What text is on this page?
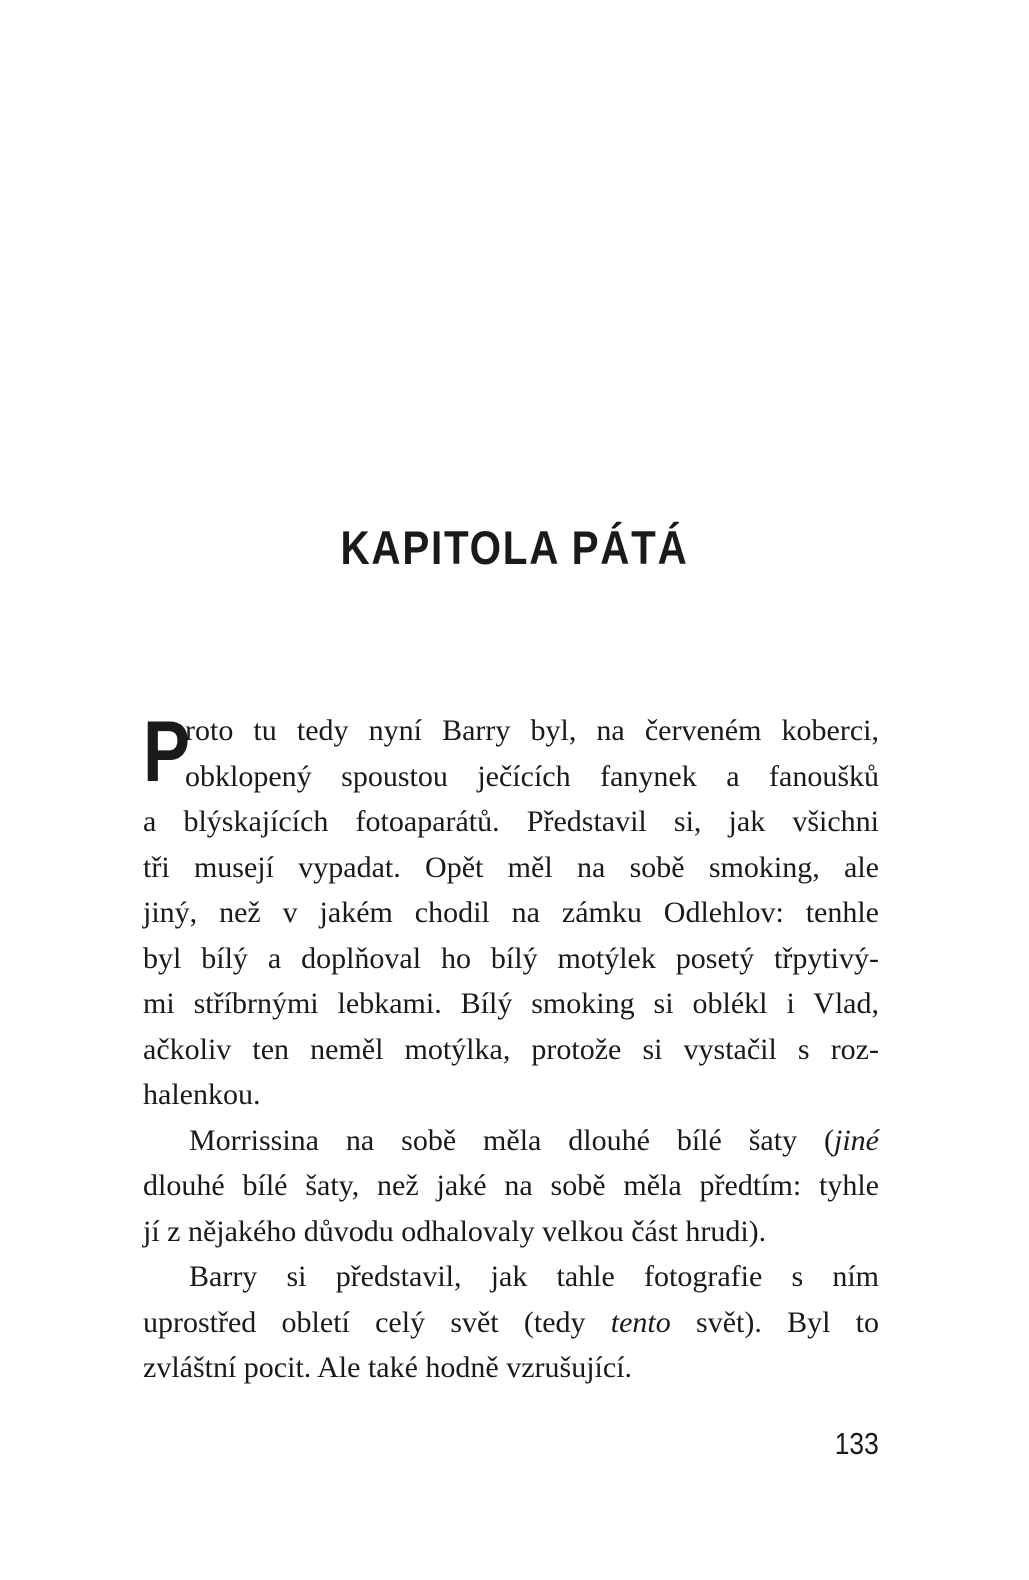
KAPITOLA PÁTÁ
P
roto tu tedy nyní Barry byl, na červeném koberci,
obklopený spoustou ječících fanynek a fanoušků
a blýskajících fotoaparátů. Představil si, jak všichni
tři musejí vypadat. Opět měl na sobě smoking, ale
jiný, než v jakém chodil na zámku Odlehlov: tenhle
byl bílý a doplňoval ho bílý motýlek posetý třpytivý-
mi stříbrnými lebkami. Bílý smoking si oblékl i Vlad,
ačkoliv ten neměl motýlka, protože si vystačil s roz-
halenkou.
Morrissina na sobě měla dlouhé bílé šaty (jiné
dlouhé bílé šaty, než jaké na sobě měla předtím: tyhle
jí z nějakého důvodu odhalovaly velkou část hrudi).
Barry si představil, jak tahle fotografie s ním
uprostřed obletí celý svět (tedy tento svět). Byl to
zvláštní pocit. Ale také hodně vzrušující.
133
